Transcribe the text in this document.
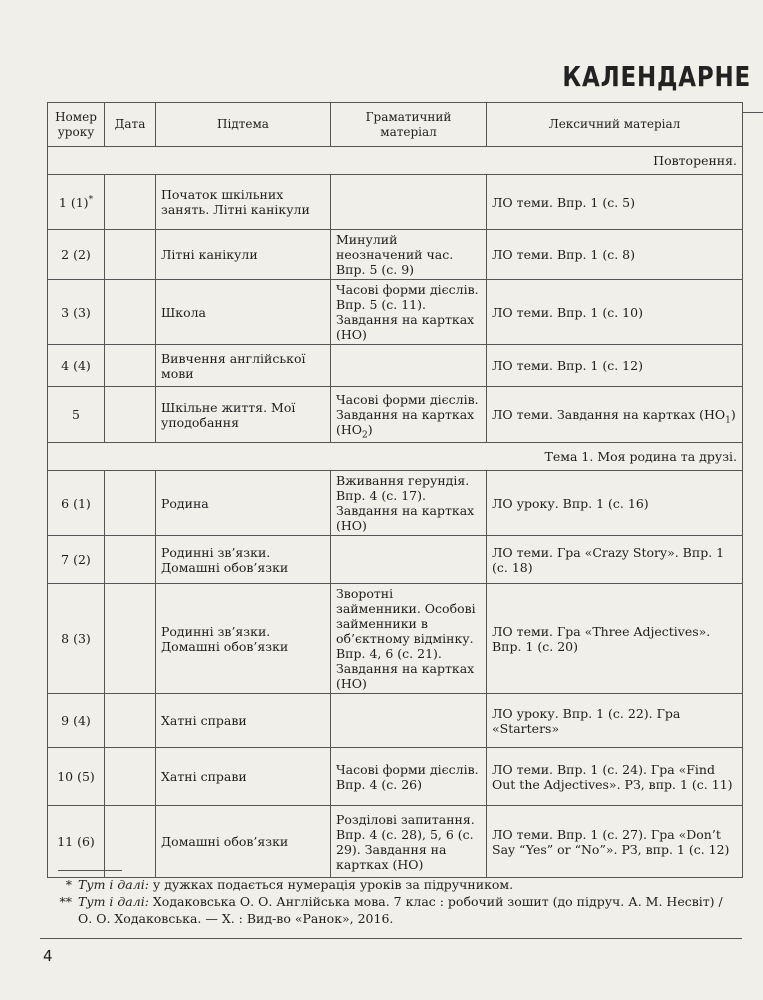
КАЛЕНДАРНЕ
Номер уроку	Дата	Підтема	Граматичний матеріал	Лексичний матеріал
Повторення.				
1 (1)*		Початок шкільних занять. Літні канікули		ЛО теми. Впр. 1 (с. 5)
2 (2)		Літні канікули	Минулий неозначений час. Впр. 5 (с. 9)	ЛО теми. Впр. 1 (с. 8)
3 (3)		Школа	Часові форми дієслів. Впр. 5 (с. 11). Завдання на картках (НО)	ЛО теми. Впр. 1 (с. 10)
4 (4)		Вивчення англійської мови		ЛО теми. Впр. 1 (с. 12)
5		Шкільне життя. Мої уподобання	Часові форми дієслів. Завдання на картках $(НО_2)$	ЛО теми. Завдання на картках $(НО_1)$
Тема 1. Моя родина та друзі.				
6 (1)		Родина	Вживання герундія. Впр. 4 (с. 17). Завдання на картках (НО)	ЛО уроку. Впр. 1 (с. 16)
7 (2)		Родинні зв’язки. Домашні обов’язки		ЛО теми. Гра «Crazy Story». Впр. 1 (с. 18)
8 (3)		Родинні зв’язки. Домашні обов’язки	Зворотні займенники. Особові займенники в об’єктному відмінку. Впр. 4, 6 (с. 21). Завдання на картках (НО)	ЛО теми. Гра «Three Adjectives». Впр. 1 (с. 20)
9 (4)		Хатні справи		ЛО уроку. Впр. 1 (с. 22). Гра «Starters»
10 (5)		Хатні справи	Часові форми дієслів. Впр. 4 (с. 26)	ЛО теми. Впр. 1 (с. 24). Гра «Find Out the Adjectives». РЗ, впр. 1 (с. 11)
11 (6)		Домашні обов’язки	Розділові запитання. Впр. 4 (с. 28), 5, 6 (с. 29). Завдання на картках (НО)	ЛО теми. Впр. 1 (с. 27). Гра «Don’t Say “Yes” or “No”». РЗ, впр. 1 (с. 12)
* Тут і далі: у дужках подається нумерація уроків за підручником.
** Тут і далі: Ходаковська О. О. Англійська мова. 7 клас : робочий зошит (до підруч. А. М. Несвіт) /
О. О. Ходаковська. — Х. : Вид-во «Ранок», 2016.
4
